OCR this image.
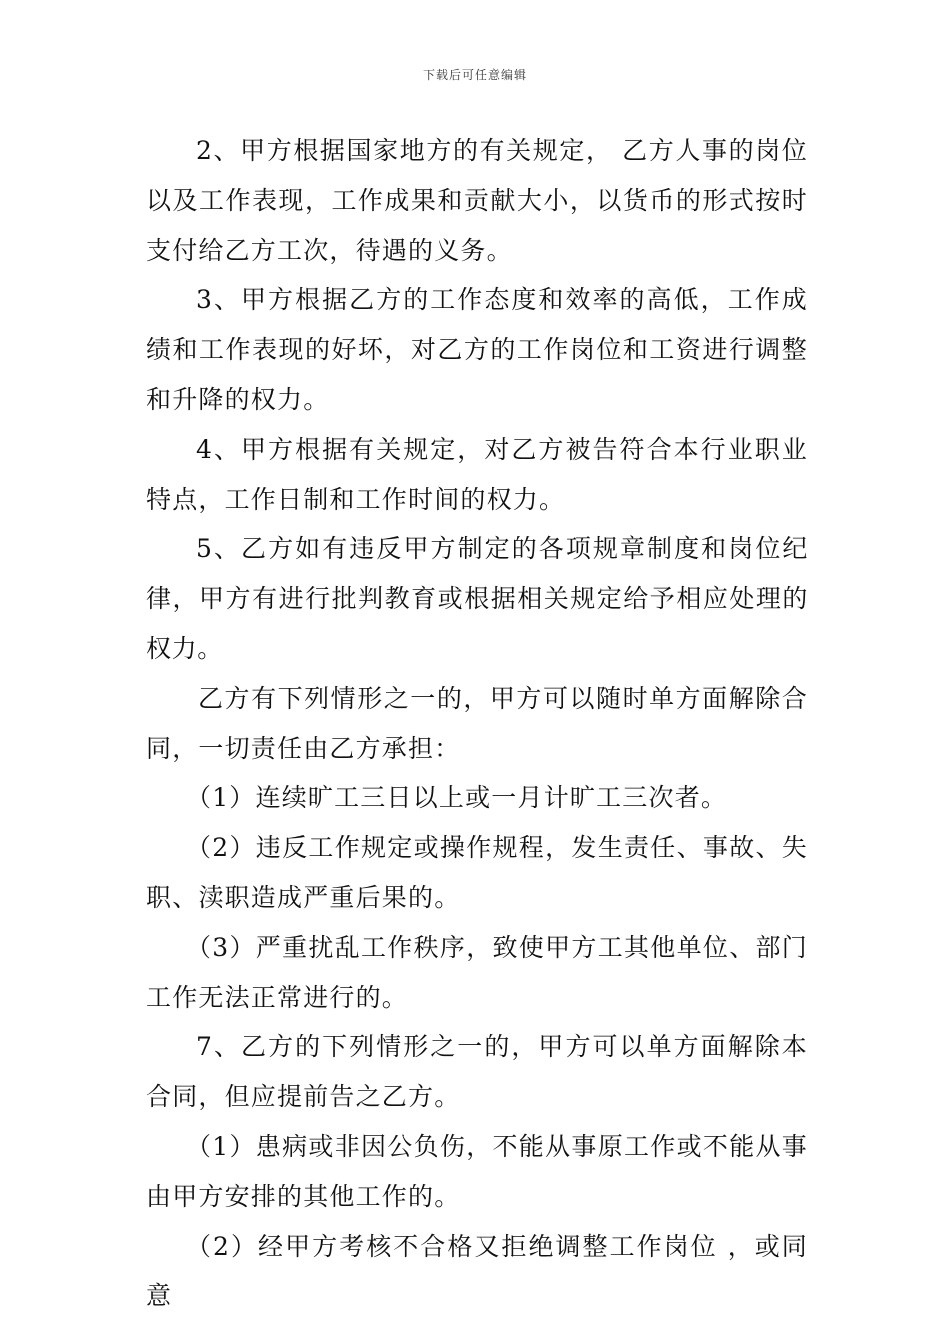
下载后可任意编辑

2、甲方根据国家地方的有关规定， 乙方人事的岗位以及工作表现，工作成果和贡献大小，以货币的形式按时支付给乙方工次，待遇的义务。

3、甲方根据乙方的工作态度和效率的高低，工作成绩和工作表现的好坏，对乙方的工作岗位和工资进行调整和升降的权力。

4、甲方根据有关规定，对乙方被告符合本行业职业特点，工作日制和工作时间的权力。

5、乙方如有违反甲方制定的各项规章制度和岗位纪律，甲方有进行批判教育或根据相关规定给予相应处理的权力。

乙方有下列情形之一的，甲方可以随时单方面解除合同，一切责任由乙方承担：

（1）连续旷工三日以上或一月计旷工三次者。

（2）违反工作规定或操作规程，发生责任、事故、失职、渎职造成严重后果的。

（3）严重扰乱工作秩序，致使甲方工其他单位、部门工作无法正常进行的。

7、乙方的下列情形之一的，甲方可以单方面解除本合同，但应提前告之乙方。

（1）患病或非因公负伤，不能从事原工作或不能从事由甲方安排的其他工作的。

（2）经甲方考核不合格又拒绝调整工作岗位 ，或同意
